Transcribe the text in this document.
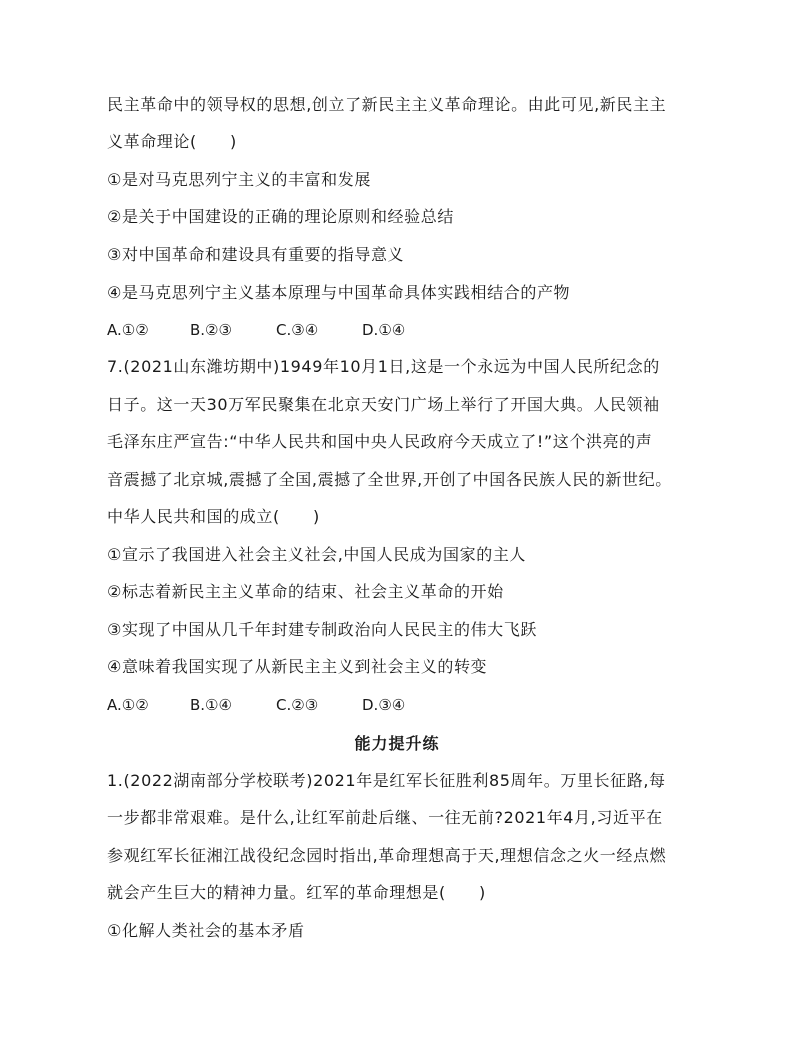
民主革命中的领导权的思想,创立了新民主主义革命理论。由此可见,新民主主
义革命理论(　　)
①是对马克思列宁主义的丰富和发展
②是关于中国建设的正确的理论原则和经验总结
③对中国革命和建设具有重要的指导意义
④是马克思列宁主义基本原理与中国革命具体实践相结合的产物
A.①②	B.②③	C.③④	D.①④
7.(2021山东潍坊期中)1949年10月1日,这是一个永远为中国人民所纪念的
日子。这一天30万军民聚集在北京天安门广场上举行了开国大典。人民领袖
毛泽东庄严宣告:“中华人民共和国中央人民政府今天成立了!”这个洪亮的声
音震撼了北京城,震撼了全国,震撼了全世界,开创了中国各民族人民的新世纪。
中华人民共和国的成立(　　)
①宣示了我国进入社会主义社会,中国人民成为国家的主人
②标志着新民主主义革命的结束、社会主义革命的开始
③实现了中国从几千年封建专制政治向人民民主的伟大飞跃
④意味着我国实现了从新民主主义到社会主义的转变
A.①②	B.①④	C.②③	D.③④
能力提升练
1.(2022湖南部分学校联考)2021年是红军长征胜利85周年。万里长征路,每
一步都非常艰难。是什么,让红军前赴后继、一往无前?2021年4月,习近平在
参观红军长征湘江战役纪念园时指出,革命理想高于天,理想信念之火一经点燃
就会产生巨大的精神力量。红军的革命理想是(　　)
①化解人类社会的基本矛盾
